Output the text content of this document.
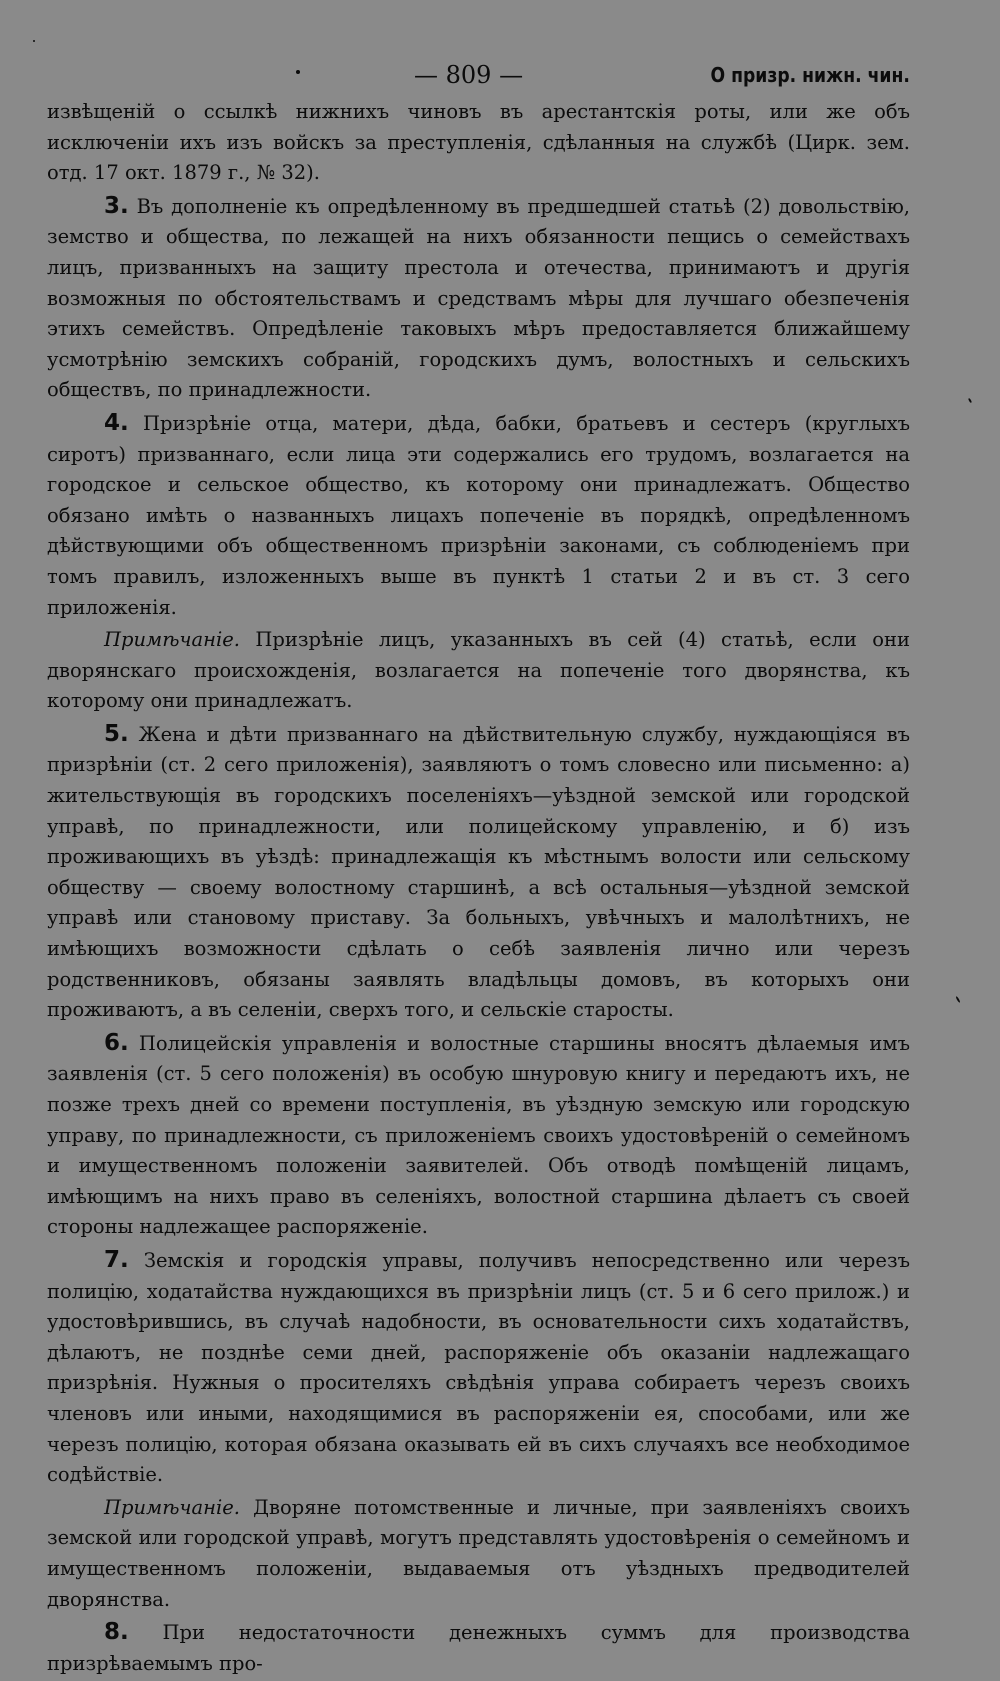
— 809 —	О призр. нижн. чин.

извѣщеній о ссылкѣ нижнихъ чиновъ въ арестантскія роты, или же объ исключеніи ихъ изъ войскъ за преступленія, сдѣланныя на службѣ (Цирк. зем. отд. 17 окт. 1879 г., № 32).

3. Въ дополненіе къ опредѣленному въ предшедшей статьѣ (2) довольствію, земство и общества, по лежащей на нихъ обязанности пещись о семействахъ лицъ, призванныхъ на защиту престола и отечества, принимаютъ и другія возможныя по обстоятельствамъ и средствамъ мѣры для лучшаго обезпеченія этихъ семействъ. Опредѣленіе таковыхъ мѣръ предоставляется ближайшему усмотрѣнію земскихъ собраній, городскихъ думъ, волостныхъ и сельскихъ обществъ, по принадлежности.

4. Призрѣніе отца, матери, дѣда, бабки, братьевъ и сестеръ (круглыхъ сиротъ) призваннаго, если лица эти содержались его трудомъ, возлагается на городское и сельское общество, къ которому они принадлежатъ. Общество обязано имѣть о названныхъ лицахъ попеченіе въ порядкѣ, опредѣленномъ дѣйствующими объ общественномъ призрѣніи законами, съ соблюденіемъ при томъ правилъ, изложенныхъ выше въ пунктѣ 1 статьи 2 и въ ст. 3 сего приложенія.

Примѣчаніе. Призрѣніе лицъ, указанныхъ въ сей (4) статьѣ, если они дворянскаго происхожденія, возлагается на попеченіе того дворянства, къ которому они принадлежатъ.

5. Жена и дѣти призваннаго на дѣйствительную службу, нуждающіяся въ призрѣніи (ст. 2 сего приложенія), заявляютъ о томъ словесно или письменно: а) жительствующія въ городскихъ поселеніяхъ—уѣздной земской или городской управѣ, по принадлежности, или полицейскому управленію, и б) изъ проживающихъ въ уѣздѣ: принадлежащія къ мѣстнымъ волости или сельскому обществу — своему волостному старшинѣ, а всѣ остальныя—уѣздной земской управѣ или становому приставу. За больныхъ, увѣчныхъ и малолѣтнихъ, не имѣющихъ возможности сдѣлать о себѣ заявленія лично или черезъ родственниковъ, обязаны заявлять владѣльцы домовъ, въ которыхъ они проживаютъ, а въ селеніи, сверхъ того, и сельскіе старосты.

6. Полицейскія управленія и волостные старшины вносятъ дѣлаемыя имъ заявленія (ст. 5 сего положенія) въ особую шнуровую книгу и передаютъ ихъ, не позже трехъ дней со времени поступленія, въ уѣздную земскую или городскую управу, по принадлежности, съ приложеніемъ своихъ удостовѣреній о семейномъ и имущественномъ положеніи заявителей. Объ отводѣ помѣщеній лицамъ, имѣющимъ на нихъ право въ селеніяхъ, волостной старшина дѣлаетъ съ своей стороны надлежащее распоряженіе.

7. Земскія и городскія управы, получивъ непосредственно или черезъ полицію, ходатайства нуждающихся въ призрѣніи лицъ (ст. 5 и 6 сего прилож.) и удостовѣрившись, въ случаѣ надобности, въ основательности сихъ ходатайствъ, дѣлаютъ, не позднѣе семи дней, распоряженіе объ оказаніи надлежащаго призрѣнія. Нужныя о просителяхъ свѣдѣнія управа собираетъ черезъ своихъ членовъ или иными, находящимися въ распоряженіи ея, способами, или же черезъ полицію, которая обязана оказывать ей въ сихъ случаяхъ все необходимое содѣйствіе.

Примѣчаніе. Дворяне потомственные и личные, при заявленіяхъ своихъ земской или городской управѣ, могутъ представлять удостовѣренія о семейномъ и имущественномъ положеніи, выдаваемыя отъ уѣздныхъ предводителей дворянства.

8. При недостаточности денежныхъ суммъ для производства призрѣваемымъ про-
